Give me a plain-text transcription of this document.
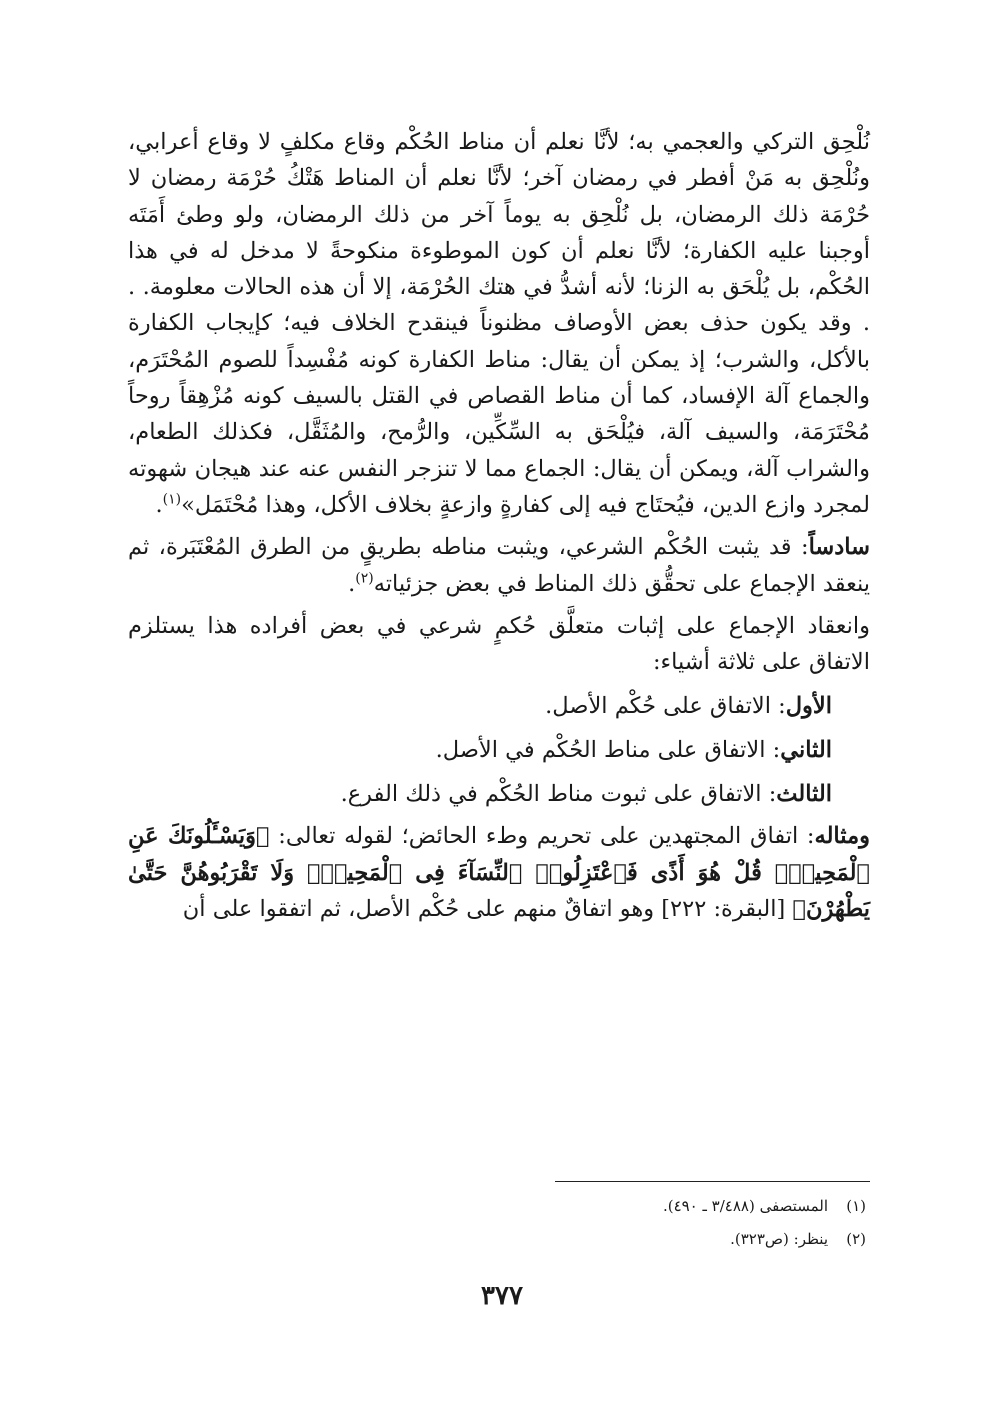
نُلْحِق التركي والعجمي به؛ لأنَّا نعلم أن مناط الحُكْم وقاع مكلفٍ لا وقاع أعرابي، ونُلْحِق به مَنْ أفطر في رمضان آخر؛ لأنَّا نعلم أن المناط هَتْكُ حُرْمَة رمضان لا حُرْمَة ذلك الرمضان، بل نُلْحِق به يوماً آخر من ذلك الرمضان، ولو وطئ أَمَتَه أوجبنا عليه الكفارة؛ لأنَّا نعلم أن كون الموطوءة منكوحةً لا مدخل له في هذا الحُكْم، بل يُلْحَق به الزنا؛ لأنه أشدُّ في هتك الحُرْمَة، إلا أن هذه الحالات معلومة. . . وقد يكون حذف بعض الأوصاف مظنوناً فينقدح الخلاف فيه؛ كإيجاب الكفارة بالأكل، والشرب؛ إذ يمكن أن يقال: مناط الكفارة كونه مُفْسِداً للصوم المُحْتَرَم، والجماع آلة الإفساد، كما أن مناط القصاص في القتل بالسيف كونه مُزْهِقاً روحاً مُحْتَرَمَة، والسيف آلة، فيُلْحَق به السِّكِّين، والرُّمح، والمُثَقَّل، فكذلك الطعام، والشراب آلة، ويمكن أن يقال: الجماع مما لا تنزجر النفس عنه عند هيجان شهوته لمجرد وازع الدين، فيُحتَاج فيه إلى كفارةٍ وازعةٍ بخلاف الأكل، وهذا مُحْتَمَل»$^{(١)}$.

سادساً: قد يثبت الحُكْم الشرعي، ويثبت مناطه بطريقٍ من الطرق المُعْتَبَرة، ثم ينعقد الإجماع على تحقُّق ذلك المناط في بعض جزئياته$^{(٢)}$.

وانعقاد الإجماع على إثبات متعلَّق حُكمٍ شرعي في بعض أفراده هذا يستلزم الاتفاق على ثلاثة أشياء:

الأول: الاتفاق على حُكْم الأصل.

الثاني: الاتفاق على مناط الحُكْم في الأصل.

الثالث: الاتفاق على ثبوت مناط الحُكْم في ذلك الفرع.

ومثاله: اتفاق المجتهدين على تحريم وطء الحائض؛ لقوله تعالى: ﴿وَيَسْـَٔلُونَكَ عَنِ ٱلْمَحِيضِۖ قُلْ هُوَ أَذًى فَٱعْتَزِلُوا۟ ٱلنِّسَآءَ فِى ٱلْمَحِيضِۖ وَلَا تَقْرَبُوهُنَّ حَتَّىٰ يَطْهُرْنَ﴾ [البقرة: ٢٢٢] وهو اتفاقٌ منهم على حُكْم الأصل، ثم اتفقوا على أن

(١)المستصفى (٣/٤٨٨ ـ ٤٩٠).
(٢)ينظر: (ص٣٢٣).
٣٧٧
